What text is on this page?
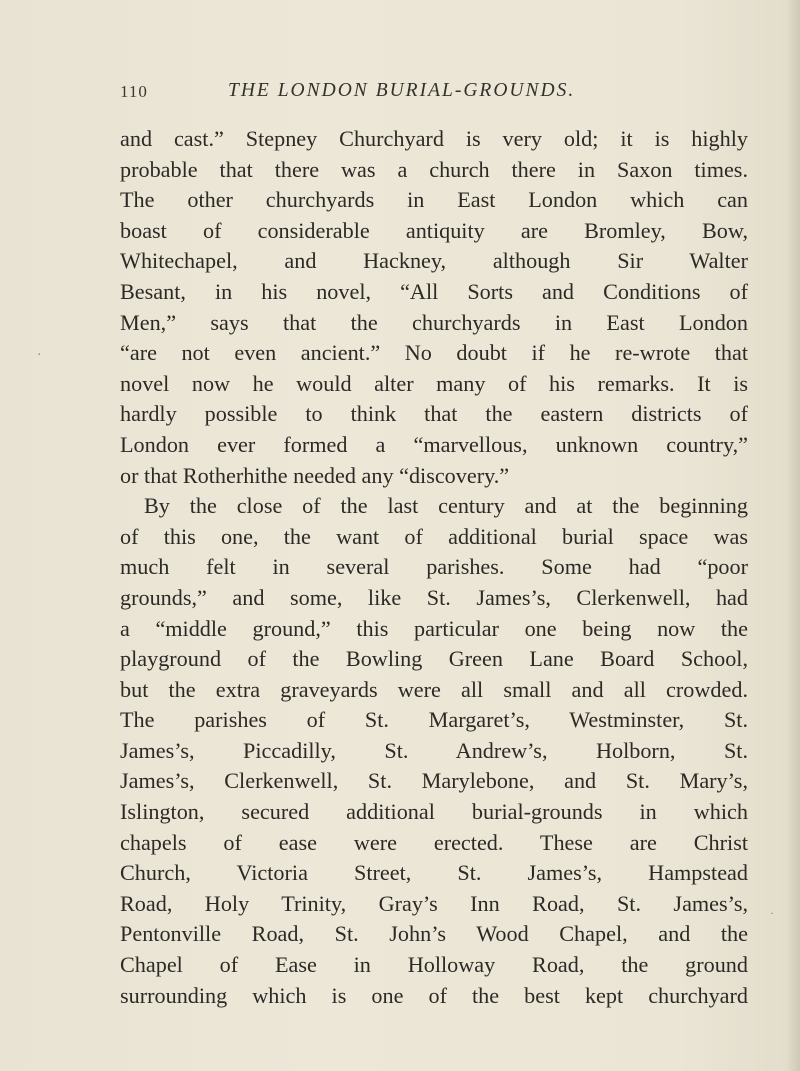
110	THE LONDON BURIAL-GROUNDS.
and cast.” Stepney Churchyard is very old; it is highly
probable that there was a church there in Saxon times.
The other churchyards in East London which can
boast of considerable antiquity are Bromley, Bow,
Whitechapel, and Hackney, although Sir Walter
Besant, in his novel, “All Sorts and Conditions of
Men,” says that the churchyards in East London
“are not even ancient.” No doubt if he re-wrote that
novel now he would alter many of his remarks. It is
hardly possible to think that the eastern districts of
London ever formed a “marvellous, unknown country,”
or that Rotherhithe needed any “discovery.”
By the close of the last century and at the beginning
of this one, the want of additional burial space was
much felt in several parishes. Some had “poor
grounds,” and some, like St. James’s, Clerkenwell, had
a “middle ground,” this particular one being now the
playground of the Bowling Green Lane Board School,
but the extra graveyards were all small and all crowded.
The parishes of St. Margaret’s, Westminster, St.
James’s, Piccadilly, St. Andrew’s, Holborn, St.
James’s, Clerkenwell, St. Marylebone, and St. Mary’s,
Islington, secured additional burial-grounds in which
chapels of ease were erected. These are Christ
Church, Victoria Street, St. James’s, Hampstead
Road, Holy Trinity, Gray’s Inn Road, St. James’s,
Pentonville Road, St. John’s Wood Chapel, and the
Chapel of Ease in Holloway Road, the ground
surrounding which is one of the best kept churchyard
·
·
